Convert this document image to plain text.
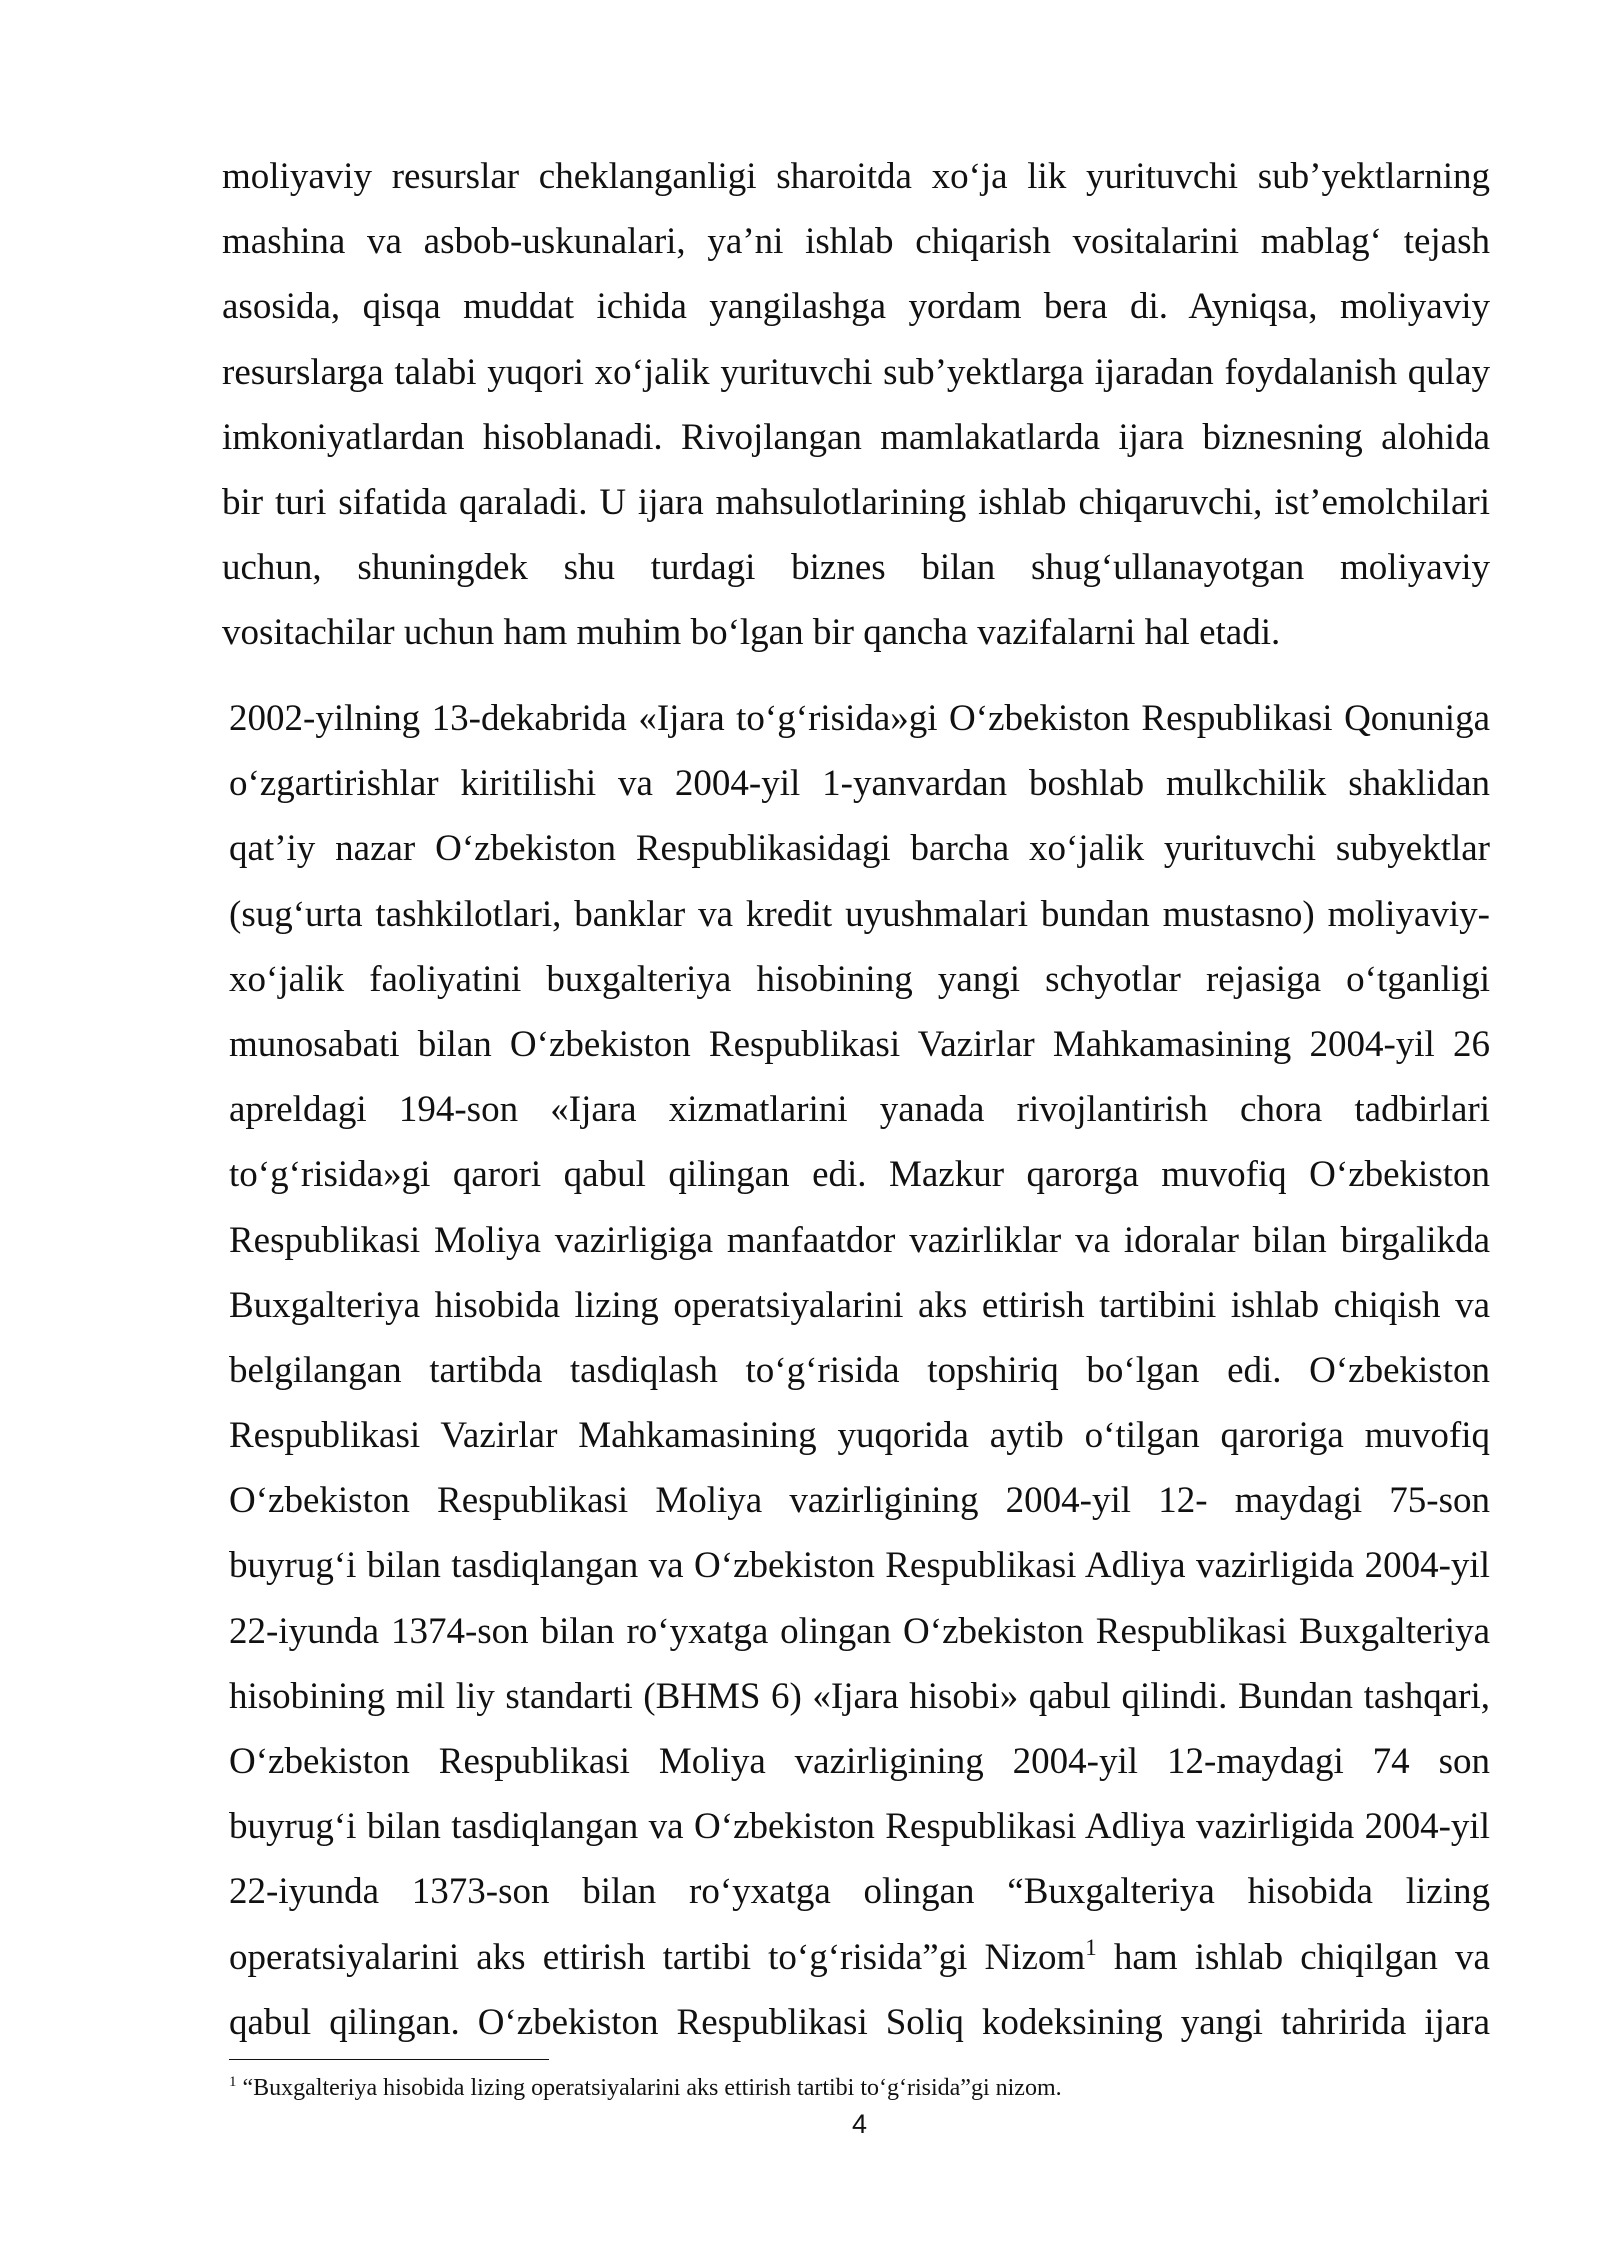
moliyaviy resurslar cheklanganligi sharoitda xo‘ja lik yurituvchi sub’yektlarning
mashina va asbob-uskunalari, ya’ni ishlab chiqarish vositalarini mablag‘ tejash
asosida, qisqa muddat ichida yangilashga yordam bera di. Ayniqsa, moliyaviy
resurslarga talabi yuqori xo‘jalik yurituvchi sub’yektlarga ijaradan foydalanish qulay
imkoniyatlardan hisoblanadi. Rivojlangan mamlakatlarda ijara biznesning alohida
bir turi sifatida qaraladi. U ijara mahsulotlarining ishlab chiqaruvchi, ist’emolchilari
uchun, shuningdek shu turdagi biznes bilan shug‘ullanayotgan moliyaviy
vositachilar uchun ham muhim bo‘lgan bir qancha vazifalarni hal etadi.
2002-yilning 13-dekabrida «Ijara to‘g‘risida»gi O‘zbekiston Respublikasi Qonuniga
o‘zgartirishlar kiritilishi va 2004-yil 1-yanvardan boshlab mulkchilik shaklidan
qat’iy nazar O‘zbekiston Respublikasidagi barcha xo‘jalik yurituvchi subyektlar
(sug‘urta tashkilotlari, banklar va kredit uyushmalari bundan mustasno) moliyaviy-
xo‘jalik faoliyatini buxgalteriya hisobining yangi schyotlar rejasiga o‘tganligi
munosabati bilan O‘zbekiston Respublikasi Vazirlar Mahkamasining 2004-yil 26
apreldagi 194-son «Ijara xizmatlarini yanada rivojlantirish chora tadbirlari
to‘g‘risida»gi qarori qabul qilingan edi. Mazkur qarorga muvofiq O‘zbekiston
Respublikasi Moliya vazirligiga manfaatdor vazirliklar va idoralar bilan birgalikda
Buxgalteriya hisobida lizing operatsiyalarini aks ettirish tartibini ishlab chiqish va
belgilangan tartibda tasdiqlash to‘g‘risida topshiriq bo‘lgan edi. O‘zbekiston
Respublikasi Vazirlar Mahkamasining yuqorida aytib o‘tilgan qaroriga muvofiq
O‘zbekiston Respublikasi Moliya vazirligining 2004-yil 12- maydagi 75-son
buyrug‘i bilan tasdiqlangan va O‘zbekiston Respublikasi Adliya vazirligida 2004-yil
22-iyunda 1374-son bilan ro‘yxatga olingan O‘zbekiston Respublikasi Buxgalteriya
hisobining mil liy standarti (BHMS 6) «Ijara hisobi» qabul qilindi. Bundan tashqari,
O‘zbekiston Respublikasi Moliya vazirligining 2004-yil 12-maydagi 74 son
buyrug‘i bilan tasdiqlangan va O‘zbekiston Respublikasi Adliya vazirligida 2004-yil
22-iyunda 1373-son bilan ro‘yxatga olingan “Buxgalteriya hisobida lizing
operatsiyalarini aks ettirish tartibi to‘g‘risida”gi Nizom$^1$ ham ishlab chiqilgan va
qabul qilingan. O‘zbekiston Respublikasi Soliq kodeksining yangi tahririda ijara
$^1$ “Buxgalteriya hisobida lizing operatsiyalarini aks ettirish tartibi to‘g‘risida”gi nizom.
4
